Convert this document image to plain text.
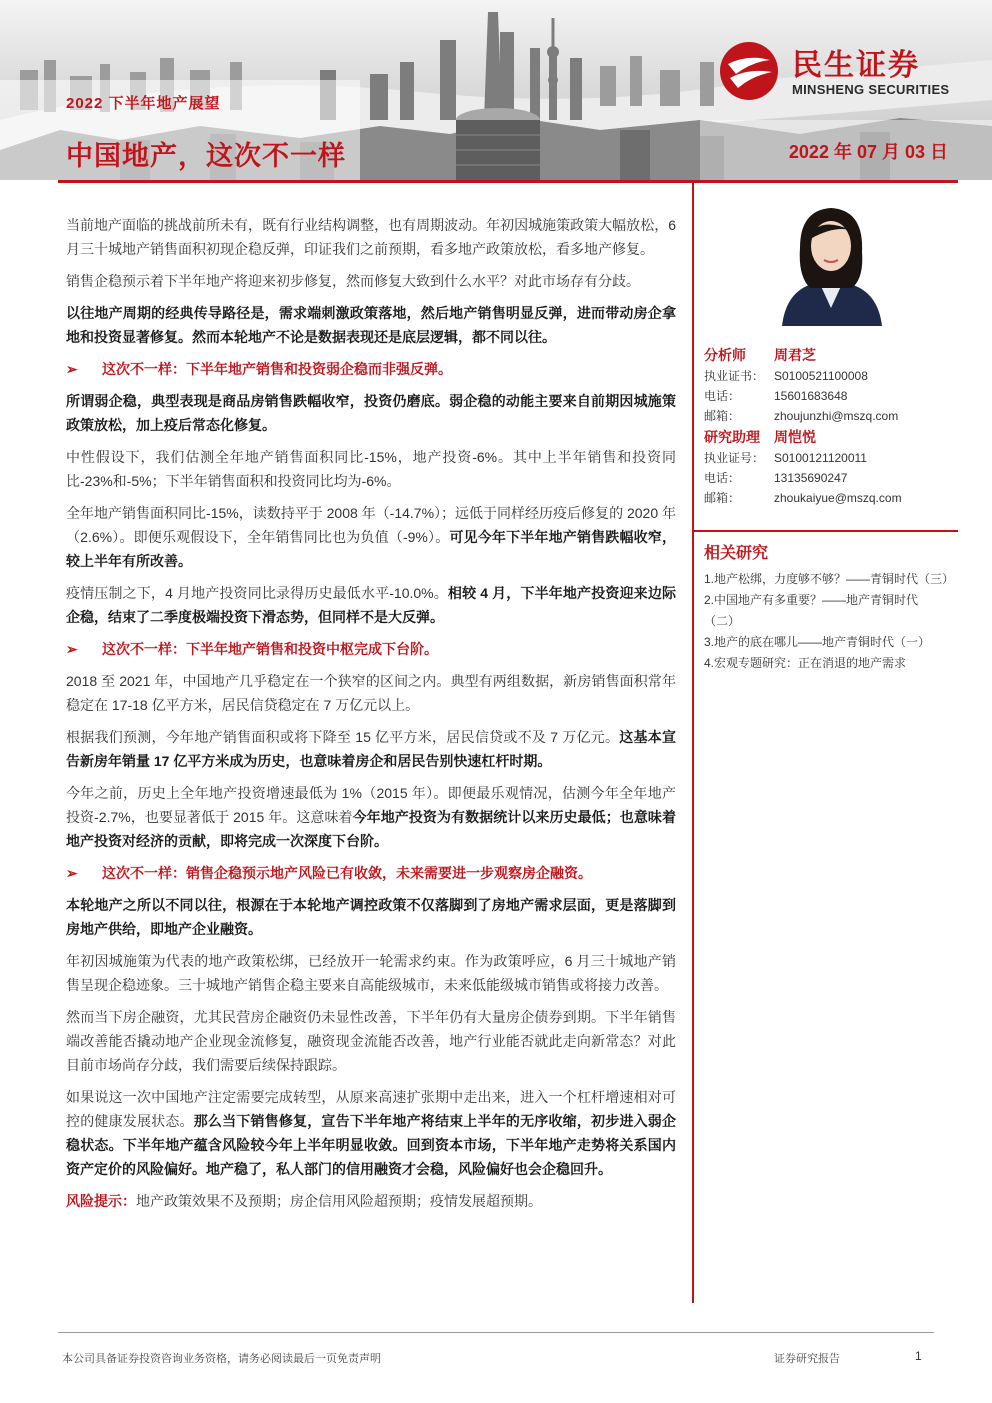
2022 下半年地产展望
中国地产，这次不一样	2022 年 07 月 03 日
民生证券
MINSHENG SECURITIES

当前地产面临的挑战前所未有，既有行业结构调整，也有周期波动。年初因城施策政策大幅放松，6 月三十城地产销售面积初现企稳反弹，印证我们之前预期，看多地产政策放松，看多地产修复。

销售企稳预示着下半年地产将迎来初步修复，然而修复大致到什么水平？对此市场存有分歧。

以往地产周期的经典传导路径是，需求端刺激政策落地，然后地产销售明显反弹，进而带动房企拿地和投资显著修复。然而本轮地产不论是数据表现还是底层逻辑，都不同以往。

➢ 这次不一样：下半年地产销售和投资弱企稳而非强反弹。

所谓弱企稳，典型表现是商品房销售跌幅收窄，投资仍磨底。弱企稳的动能主要来自前期因城施策政策放松，加上疫后常态化修复。

中性假设下，我们估测全年地产销售面积同比-15%，地产投资-6%。其中上半年销售和投资同比-23%和-5%；下半年销售面积和投资同比均为-6%。

全年地产销售面积同比-15%，读数持平于 2008 年（-14.7%）；远低于同样经历疫后修复的 2020 年（2.6%）。即便乐观假设下，全年销售同比也为负值（-9%）。可见今年下半年地产销售跌幅收窄，较上半年有所改善。

疫情压制之下，4 月地产投资同比录得历史最低水平-10.0%。相较 4 月，下半年地产投资迎来边际企稳，结束了二季度极端投资下滑态势，但同样不是大反弹。

➢ 这次不一样：下半年地产销售和投资中枢完成下台阶。

2018 至 2021 年，中国地产几乎稳定在一个狭窄的区间之内。典型有两组数据，新房销售面积常年稳定在 17-18 亿平方米，居民信贷稳定在 7 万亿元以上。

根据我们预测，今年地产销售面积或将下降至 15 亿平方米，居民信贷或不及 7 万亿元。这基本宣告新房年销量 17 亿平方米成为历史，也意味着房企和居民告别快速杠杆时期。

今年之前，历史上全年地产投资增速最低为 1%（2015 年）。即便最乐观情况，估测今年全年地产投资-2.7%，也要显著低于 2015 年。这意味着今年地产投资为有数据统计以来历史最低；也意味着地产投资对经济的贡献，即将完成一次深度下台阶。

➢ 这次不一样：销售企稳预示地产风险已有收敛，未来需要进一步观察房企融资。

本轮地产之所以不同以往，根源在于本轮地产调控政策不仅落脚到了房地产需求层面，更是落脚到房地产供给，即地产企业融资。

年初因城施策为代表的地产政策松绑，已经放开一轮需求约束。作为政策呼应，6 月三十城地产销售呈现企稳迹象。三十城地产销售企稳主要来自高能级城市，未来低能级城市销售或将接力改善。

然而当下房企融资，尤其民营房企融资仍未显性改善，下半年仍有大量房企债券到期。下半年销售端改善能否撬动地产企业现金流修复，融资现金流能否改善，地产行业能否就此走向新常态？对此目前市场尚存分歧，我们需要后续保持跟踪。

如果说这一次中国地产注定需要完成转型，从原来高速扩张期中走出来，进入一个杠杆增速相对可控的健康发展状态。那么当下销售修复，宣告下半年地产将结束上半年的无序收缩，初步进入弱企稳状态。下半年地产蕴含风险较今年上半年明显收敛。回到资本市场，下半年地产走势将关系国内资产定价的风险偏好。地产稳了，私人部门的信用融资才会稳，风险偏好也会企稳回升。

风险提示：地产政策效果不及预期；房企信用风险超预期；疫情发展超预期。

分析师 周君芝
执业证书： S0100521100008
电话：	15601683648
邮箱：	zhoujunzhi@mszq.com
研究助理 周恺悦
执业证号： S0100121120011
电话：	13135690247
邮箱：	zhoukaiyue@mszq.com
相关研究
1.地产松绑，力度够不够？——青铜时代（三）
2.中国地产有多重要？——地产青铜时代
（二）
3.地产的底在哪儿——地产青铜时代（一）
4.宏观专题研究：正在消退的地产需求
本公司具备证券投资咨询业务资格，请务必阅读最后一页免责声明	证券研究报告	1
